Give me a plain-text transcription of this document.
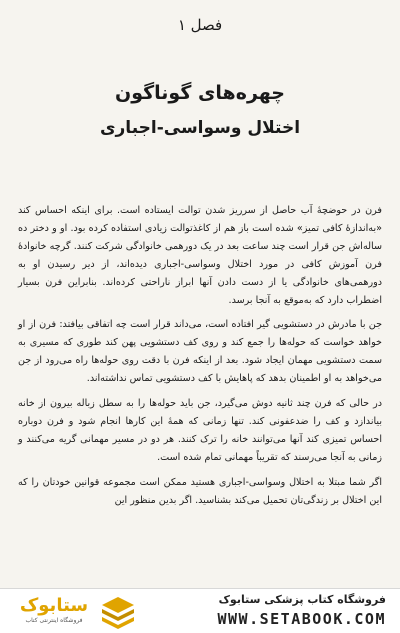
فصل ۱
چهره‌های گوناگون
اختلال وسواسی-اجباری

فرن در حوضچهٔ آب حاصل از سرریز شدن توالت ایستاده است. برای اینکه احساس کند «به‌اندازهٔ کافی تمیز» شده است باز هم از کاغذتوالت زیادی استفاده کرده بود. او و دختر ده ساله‌اش جن قرار است چند ساعت بعد در یک دورهمی خانوادگی شرکت کنند. گرچه خانوادهٔ فرن آموزش کافی در مورد اختلال وسواسی-اجباری دیده‌اند، از دیر رسیدن او به دورهمی‌های خانوادگی یا از دست دادن آنها ابراز ناراحتی کرده‌اند. بنابراین فرن بسیار اضطراب دارد که به‌موقع به آنجا برسد.

جن با مادرش در دستشویی گیر افتاده است، می‌داند قرار است چه اتفاقی بیافتد: فرن از او خواهد خواست که حوله‌ها را جمع کند و روی کف دستشویی پهن کند طوری که مسیری به سمت دستشویی مهمان ایجاد شود. بعد از اینکه فرن با دقت روی حوله‌ها راه می‌رود از جن می‌خواهد به او اطمینان بدهد که پاهایش با کف دستشویی تماس نداشته‌اند.

در حالی که فرن چند ثانیه دوش می‌گیرد، جن باید حوله‌ها را به سطل زباله بیرون از خانه بیاندازد و کف را ضدعفونی کند. تنها زمانی که همهٔ این کارها انجام شود و فرن دوباره احساس تمیزی کند آنها می‌توانند خانه را ترک کنند. هر دو در مسیر مهمانی گریه می‌کنند و زمانی به آنجا می‌رسند که تقریباً مهمانی تمام شده است.

اگر شما مبتلا به اختلال وسواسی-اجباری هستید ممکن است مجموعه قوانین خودتان را که این اختلال بر زندگی‌تان تحمیل می‌کند بشناسید. اگر بدین منظور این

ستابوک
فروشگاه اینترنتی کتاب
فروشگاه کتاب پزشکی ستابوک
WWW.SETABOOK.COM
